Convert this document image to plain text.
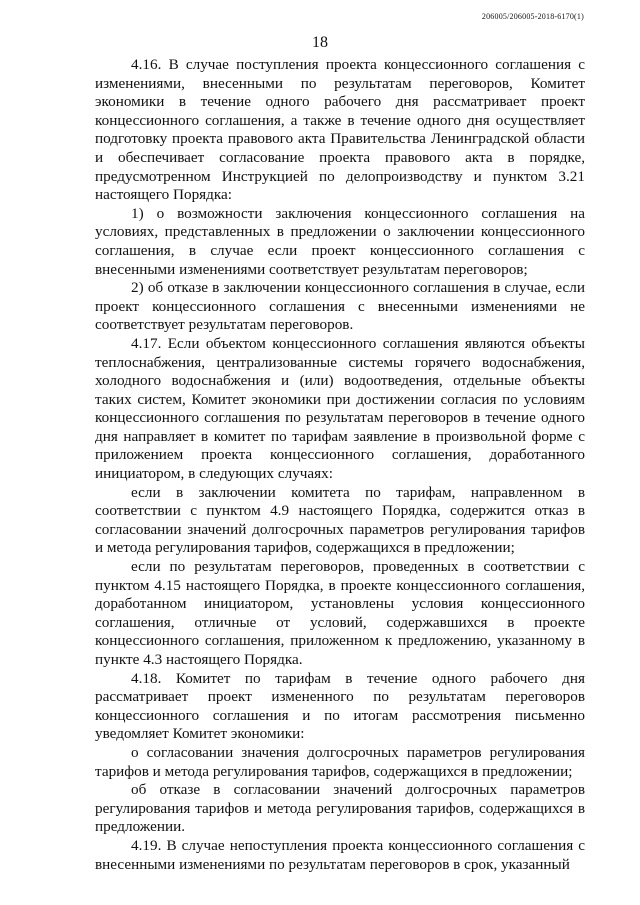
206005/206005-2018-6170(1)
18

4.16. В случае поступления проекта концессионного соглашения с изменениями, внесенными по результатам переговоров, Комитет экономики в течение одного рабочего дня рассматривает проект концессионного соглашения, а также в течение одного дня осуществляет подготовку проекта правового акта Правительства Ленинградской области и обеспечивает согласование проекта правового акта в порядке, предусмотренном Инструкцией по делопроизводству и пунктом 3.21 настоящего Порядка:

1) о возможности заключения концессионного соглашения на условиях, представленных в предложении о заключении концессионного соглашения, в случае если проект концессионного соглашения с внесенными изменениями соответствует результатам переговоров;

2) об отказе в заключении концессионного соглашения в случае, если проект концессионного соглашения с внесенными изменениями не соответствует результатам переговоров.

4.17. Если объектом концессионного соглашения являются объекты теплоснабжения, централизованные системы горячего водоснабжения, холодного водоснабжения и (или) водоотведения, отдельные объекты таких систем, Комитет экономики при достижении согласия по условиям концессионного соглашения по результатам переговоров в течение одного дня направляет в комитет по тарифам заявление в произвольной форме с приложением проекта концессионного соглашения, доработанного инициатором, в следующих случаях:

если в заключении комитета по тарифам, направленном в соответствии с пунктом 4.9 настоящего Порядка, содержится отказ в согласовании значений долгосрочных параметров регулирования тарифов и метода регулирования тарифов, содержащихся в предложении;

если по результатам переговоров, проведенных в соответствии с пунктом 4.15 настоящего Порядка, в проекте концессионного соглашения, доработанном инициатором, установлены условия концессионного соглашения, отличные от условий, содержавшихся в проекте концессионного соглашения, приложенном к предложению, указанному в пункте 4.3 настоящего Порядка.

4.18. Комитет по тарифам в течение одного рабочего дня рассматривает проект измененного по результатам переговоров концессионного соглашения и по итогам рассмотрения письменно уведомляет Комитет экономики:

о согласовании значения долгосрочных параметров регулирования тарифов и метода регулирования тарифов, содержащихся в предложении;

об отказе в согласовании значений долгосрочных параметров регулирования тарифов и метода регулирования тарифов, содержащихся в предложении.

4.19. В случае непоступления проекта концессионного соглашения с внесенными изменениями по результатам переговоров в срок, указанный
